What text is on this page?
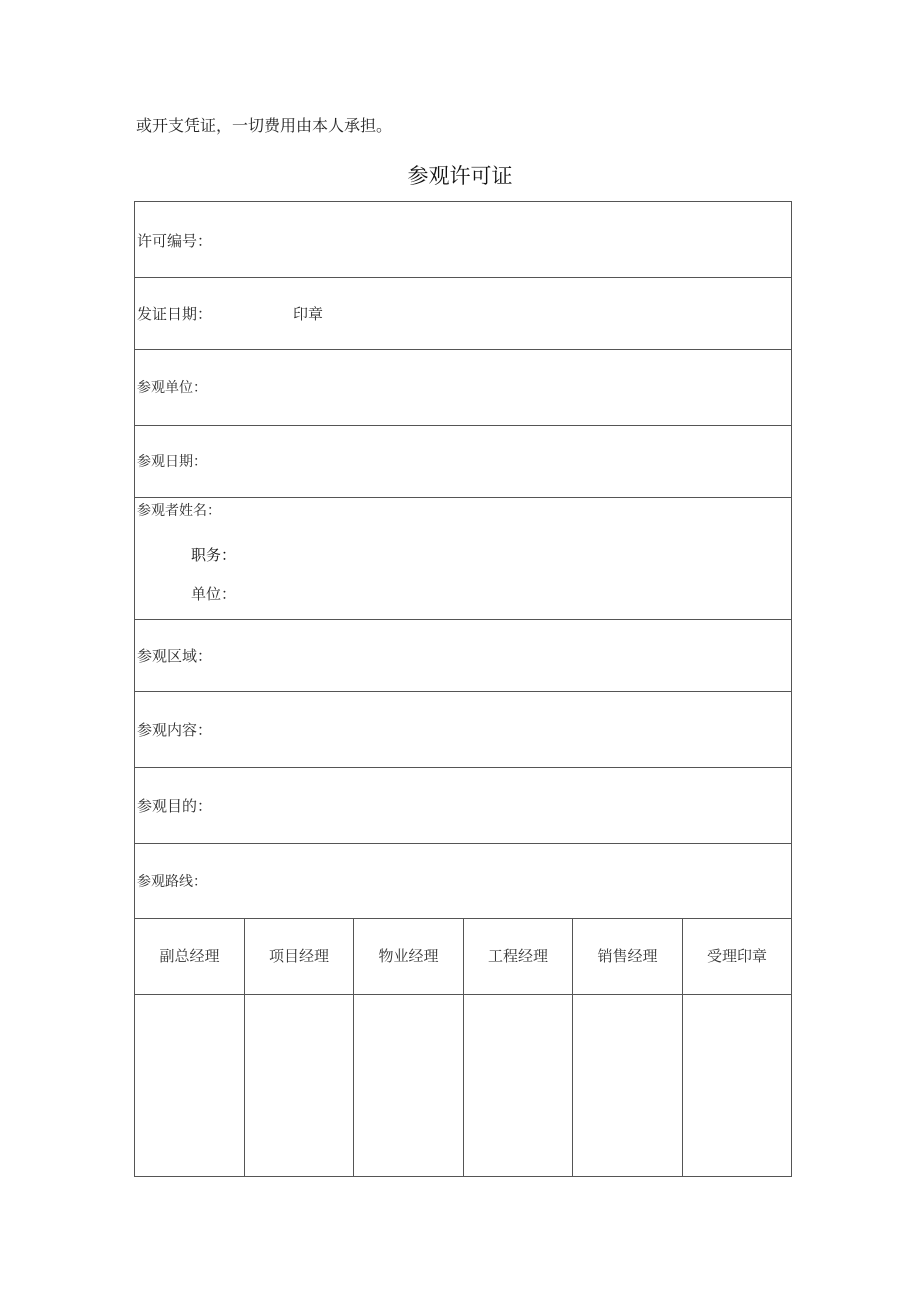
或开支凭证，一切费用由本人承担。
参观许可证
许可编号：
发证日期：	印章
参观单位：
参观日期：
参观者姓名：
职务：
单位：
参观区域：
参观内容：
参观目的：
参观路线：
副总经理	项目经理	物业经理	工程经理	销售经理	受理印章
